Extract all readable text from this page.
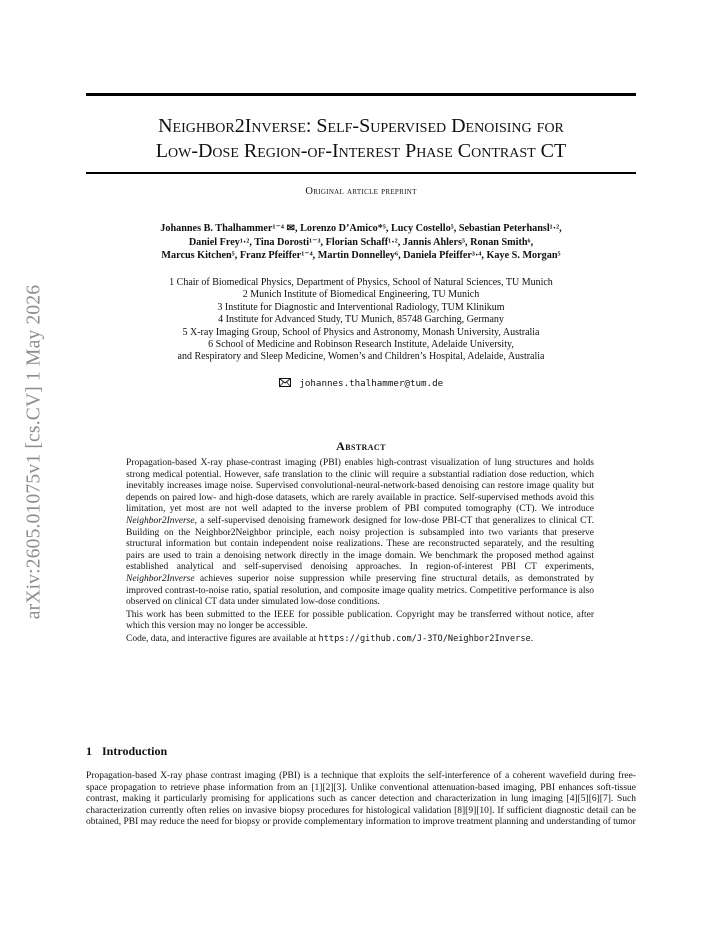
arXiv:2605.01075v1 [cs.CV] 1 May 2026
Neighbor2Inverse: Self-Supervised Denoising for
Low-Dose Region-of-Interest Phase Contrast CT
Original article preprint
Johannes B. Thalhammer¹⁻⁴ ✉, Lorenzo D’Amico*⁵, Lucy Costello⁵, Sebastian Peterhansl¹·²,
Daniel Frey¹·², Tina Dorosti¹⁻³, Florian Schaff¹·², Jannis Ahlers⁵, Ronan Smith⁶,
Marcus Kitchen⁵, Franz Pfeiffer¹⁻⁴, Martin Donnelley⁶, Daniela Pfeiffer³·⁴, Kaye S. Morgan⁵
1 Chair of Biomedical Physics, Department of Physics, School of Natural Sciences, TU Munich
2 Munich Institute of Biomedical Engineering, TU Munich
3 Institute for Diagnostic and Interventional Radiology, TUM Klinikum
4 Institute for Advanced Study, TU Munich, 85748 Garching, Germany
5 X-ray Imaging Group, School of Physics and Astronomy, Monash University, Australia
6 School of Medicine and Robinson Research Institute, Adelaide University,
and Respiratory and Sleep Medicine, Women’s and Children’s Hospital, Adelaide, Australia
johannes.thalhammer@tum.de
Abstract

Propagation-based X-ray phase-contrast imaging (PBI) enables high-contrast visualization of lung structures and holds strong medical potential. However, safe translation to the clinic will require a substantial radiation dose reduction, which inevitably increases image noise. Supervised convolutional-neural-network-based denoising can restore image quality but depends on paired low- and high-dose datasets, which are rarely available in practice. Self-supervised methods avoid this limitation, yet most are not well adapted to the inverse problem of PBI computed tomography (CT). We introduce Neighbor2Inverse, a self-supervised denoising framework designed for low-dose PBI-CT that generalizes to clinical CT. Building on the Neighbor2Neighbor principle, each noisy projection is subsampled into two variants that preserve structural information but contain independent noise realizations. These are reconstructed separately, and the resulting pairs are used to train a denoising network directly in the image domain. We benchmark the proposed method against established analytical and self-supervised denoising approaches. In region-of-interest PBI CT experiments, Neighbor2Inverse achieves superior noise suppression while preserving fine structural details, as demonstrated by improved contrast-to-noise ratio, spatial resolution, and composite image quality metrics. Competitive performance is also observed on clinical CT data under simulated low-dose conditions.

This work has been submitted to the IEEE for possible publication. Copyright may be transferred without notice, after which this version may no longer be accessible.

Code, data, and interactive figures are available at https://github.com/J-3TO/Neighbor2Inverse.

1 Introduction

Propagation-based X-ray phase contrast imaging (PBI) is a technique that exploits the self-interference of a coherent wavefield during free-space propagation to retrieve phase information from an [1][2][3]. Unlike conventional attenuation-based imaging, PBI enhances soft-tissue contrast, making it particularly promising for applications such as cancer detection and characterization in lung imaging [4][5][6][7]. Such characterization currently often relies on invasive biopsy procedures for histological validation [8][9][10]. If sufficient diagnostic detail can be obtained, PBI may reduce the need for biopsy or provide complementary information to improve treatment planning and understanding of tumor
